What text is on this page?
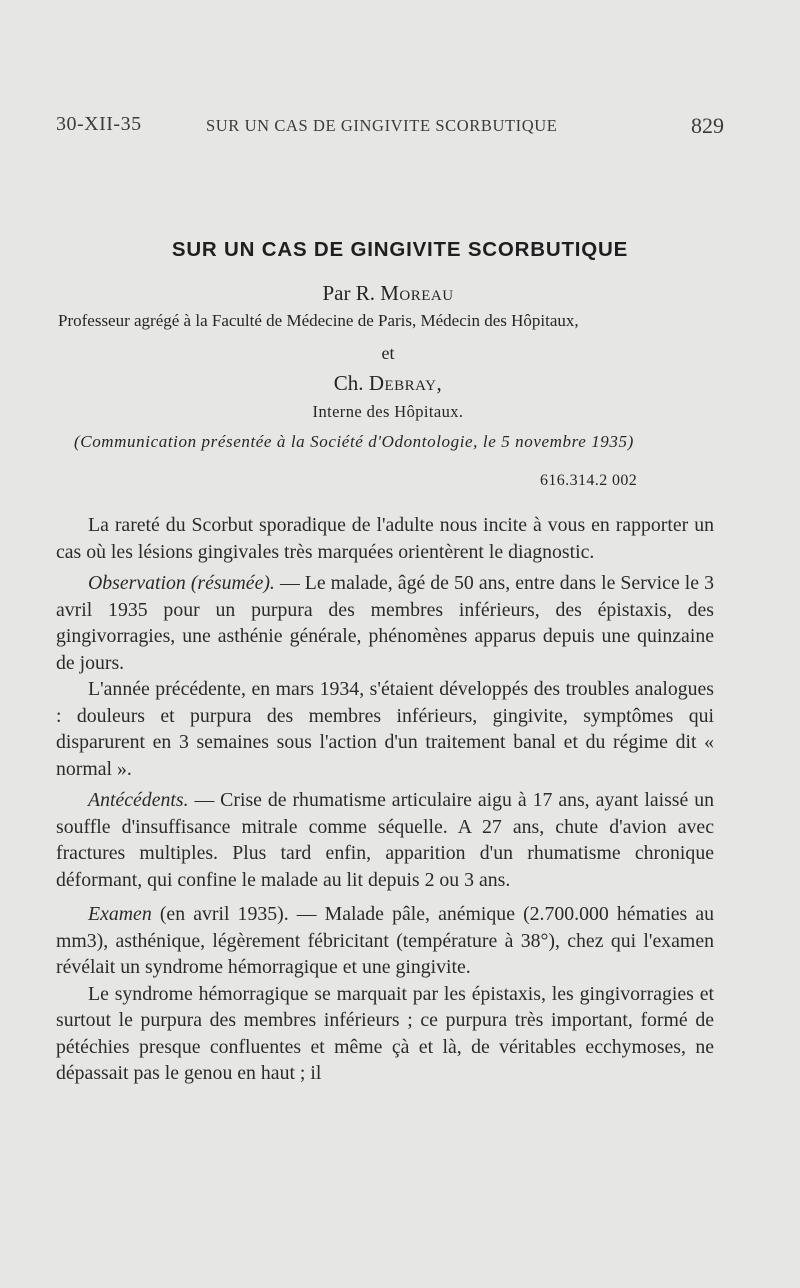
30-XII-35	SUR UN CAS DE GINGIVITE SCORBUTIQUE	829
SUR UN CAS DE GINGIVITE SCORBUTIQUE
Par R. Moreau
Professeur agrégé à la Faculté de Médecine de Paris, Médecin des Hôpitaux,
et
Ch. Debray,
Interne des Hôpitaux.
(Communication présentée à la Société d'Odontologie, le 5 novembre 1935)
616.314.2 002

La rareté du Scorbut sporadique de l'adulte nous incite à vous en rapporter un cas où les lésions gingivales très marquées orientèrent le diagnostic.

Observation (résumée). — Le malade, âgé de 50 ans, entre dans le Service le 3 avril 1935 pour un purpura des membres inférieurs, des épistaxis, des gingivorragies, une asthénie générale, phénomènes apparus depuis une quinzaine de jours.

L'année précédente, en mars 1934, s'étaient développés des troubles analogues : douleurs et purpura des membres inférieurs, gingivite, symptômes qui disparurent en 3 semaines sous l'action d'un traitement banal et du régime dit « normal ».

Antécédents. — Crise de rhumatisme articulaire aigu à 17 ans, ayant laissé un souffle d'insuffisance mitrale comme séquelle. A 27 ans, chute d'avion avec fractures multiples. Plus tard enfin, apparition d'un rhumatisme chronique déformant, qui confine le malade au lit depuis 2 ou 3 ans.

Examen (en avril 1935). — Malade pâle, anémique (2.700.000 hématies au mm3), asthénique, légèrement fébricitant (température à 38°), chez qui l'examen révélait un syndrome hémorragique et une gingivite.

Le syndrome hémorragique se marquait par les épistaxis, les gingivorragies et surtout le purpura des membres inférieurs ; ce purpura très important, formé de pétéchies presque confluentes et même çà et là, de véritables ecchymoses, ne dépassait pas le genou en haut ; il
